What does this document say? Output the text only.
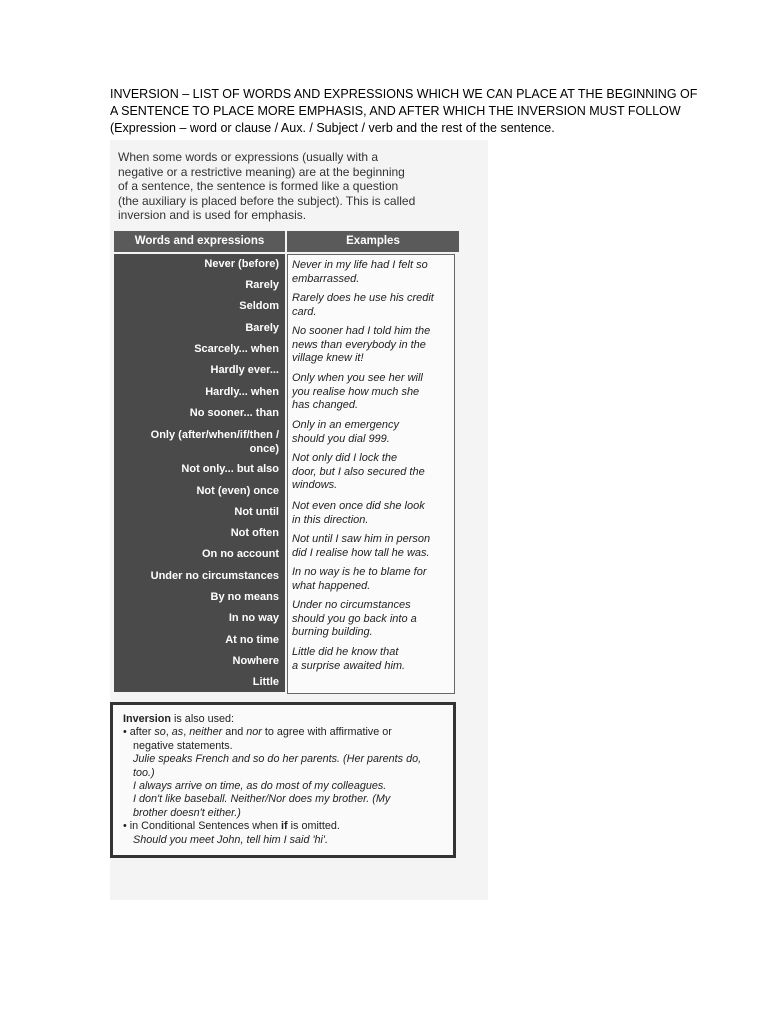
INVERSION – LIST OF WORDS AND EXPRESSIONS WHICH WE CAN PLACE AT THE BEGINNING OF
A SENTENCE TO PLACE MORE EMPHASIS, AND AFTER WHICH THE INVERSION MUST FOLLOW
(Expression – word or clause / Aux. / Subject / verb and the rest of the sentence.
When some words or expressions (usually with a
negative or a restrictive meaning) are at the beginning
of a sentence, the sentence is formed like a question
(the auxiliary is placed before the subject). This is called
inversion and is used for emphasis.
Words and expressions	Examples
Never (before)
Rarely
Seldom
Barely
Scarcely... when
Hardly ever...
Hardly... when
No sooner... than
Only (after/when/if/then /
once)
Not only... but also
Not (even) once
Not until
Not often
On no account
Under no circumstances
By no means
In no way
At no time
Nowhere
Little
Never in my life had I felt so
embarrassed.
Rarely does he use his credit
card.
No sooner had I told him the
news than everybody in the
village knew it!
Only when you see her will
you realise how much she
has changed.
Only in an emergency
should you dial 999.
Not only did I lock the
door, but I also secured the
windows.
Not even once did she look
in this direction.
Not until I saw him in person
did I realise how tall he was.
In no way is he to blame for
what happened.
Under no circumstances
should you go back into a
burning building.
Little did he know that
a surprise awaited him.
Inversion is also used:
• after so, as, neither and nor to agree with affirmative or
negative statements.
Julie speaks French and so do her parents. (Her parents do,
too.)
I always arrive on time, as do most of my colleagues.
I don't like baseball. Neither/Nor does my brother. (My
brother doesn't either.)
• in Conditional Sentences when if is omitted.
Should you meet John, tell him I said 'hi'.
